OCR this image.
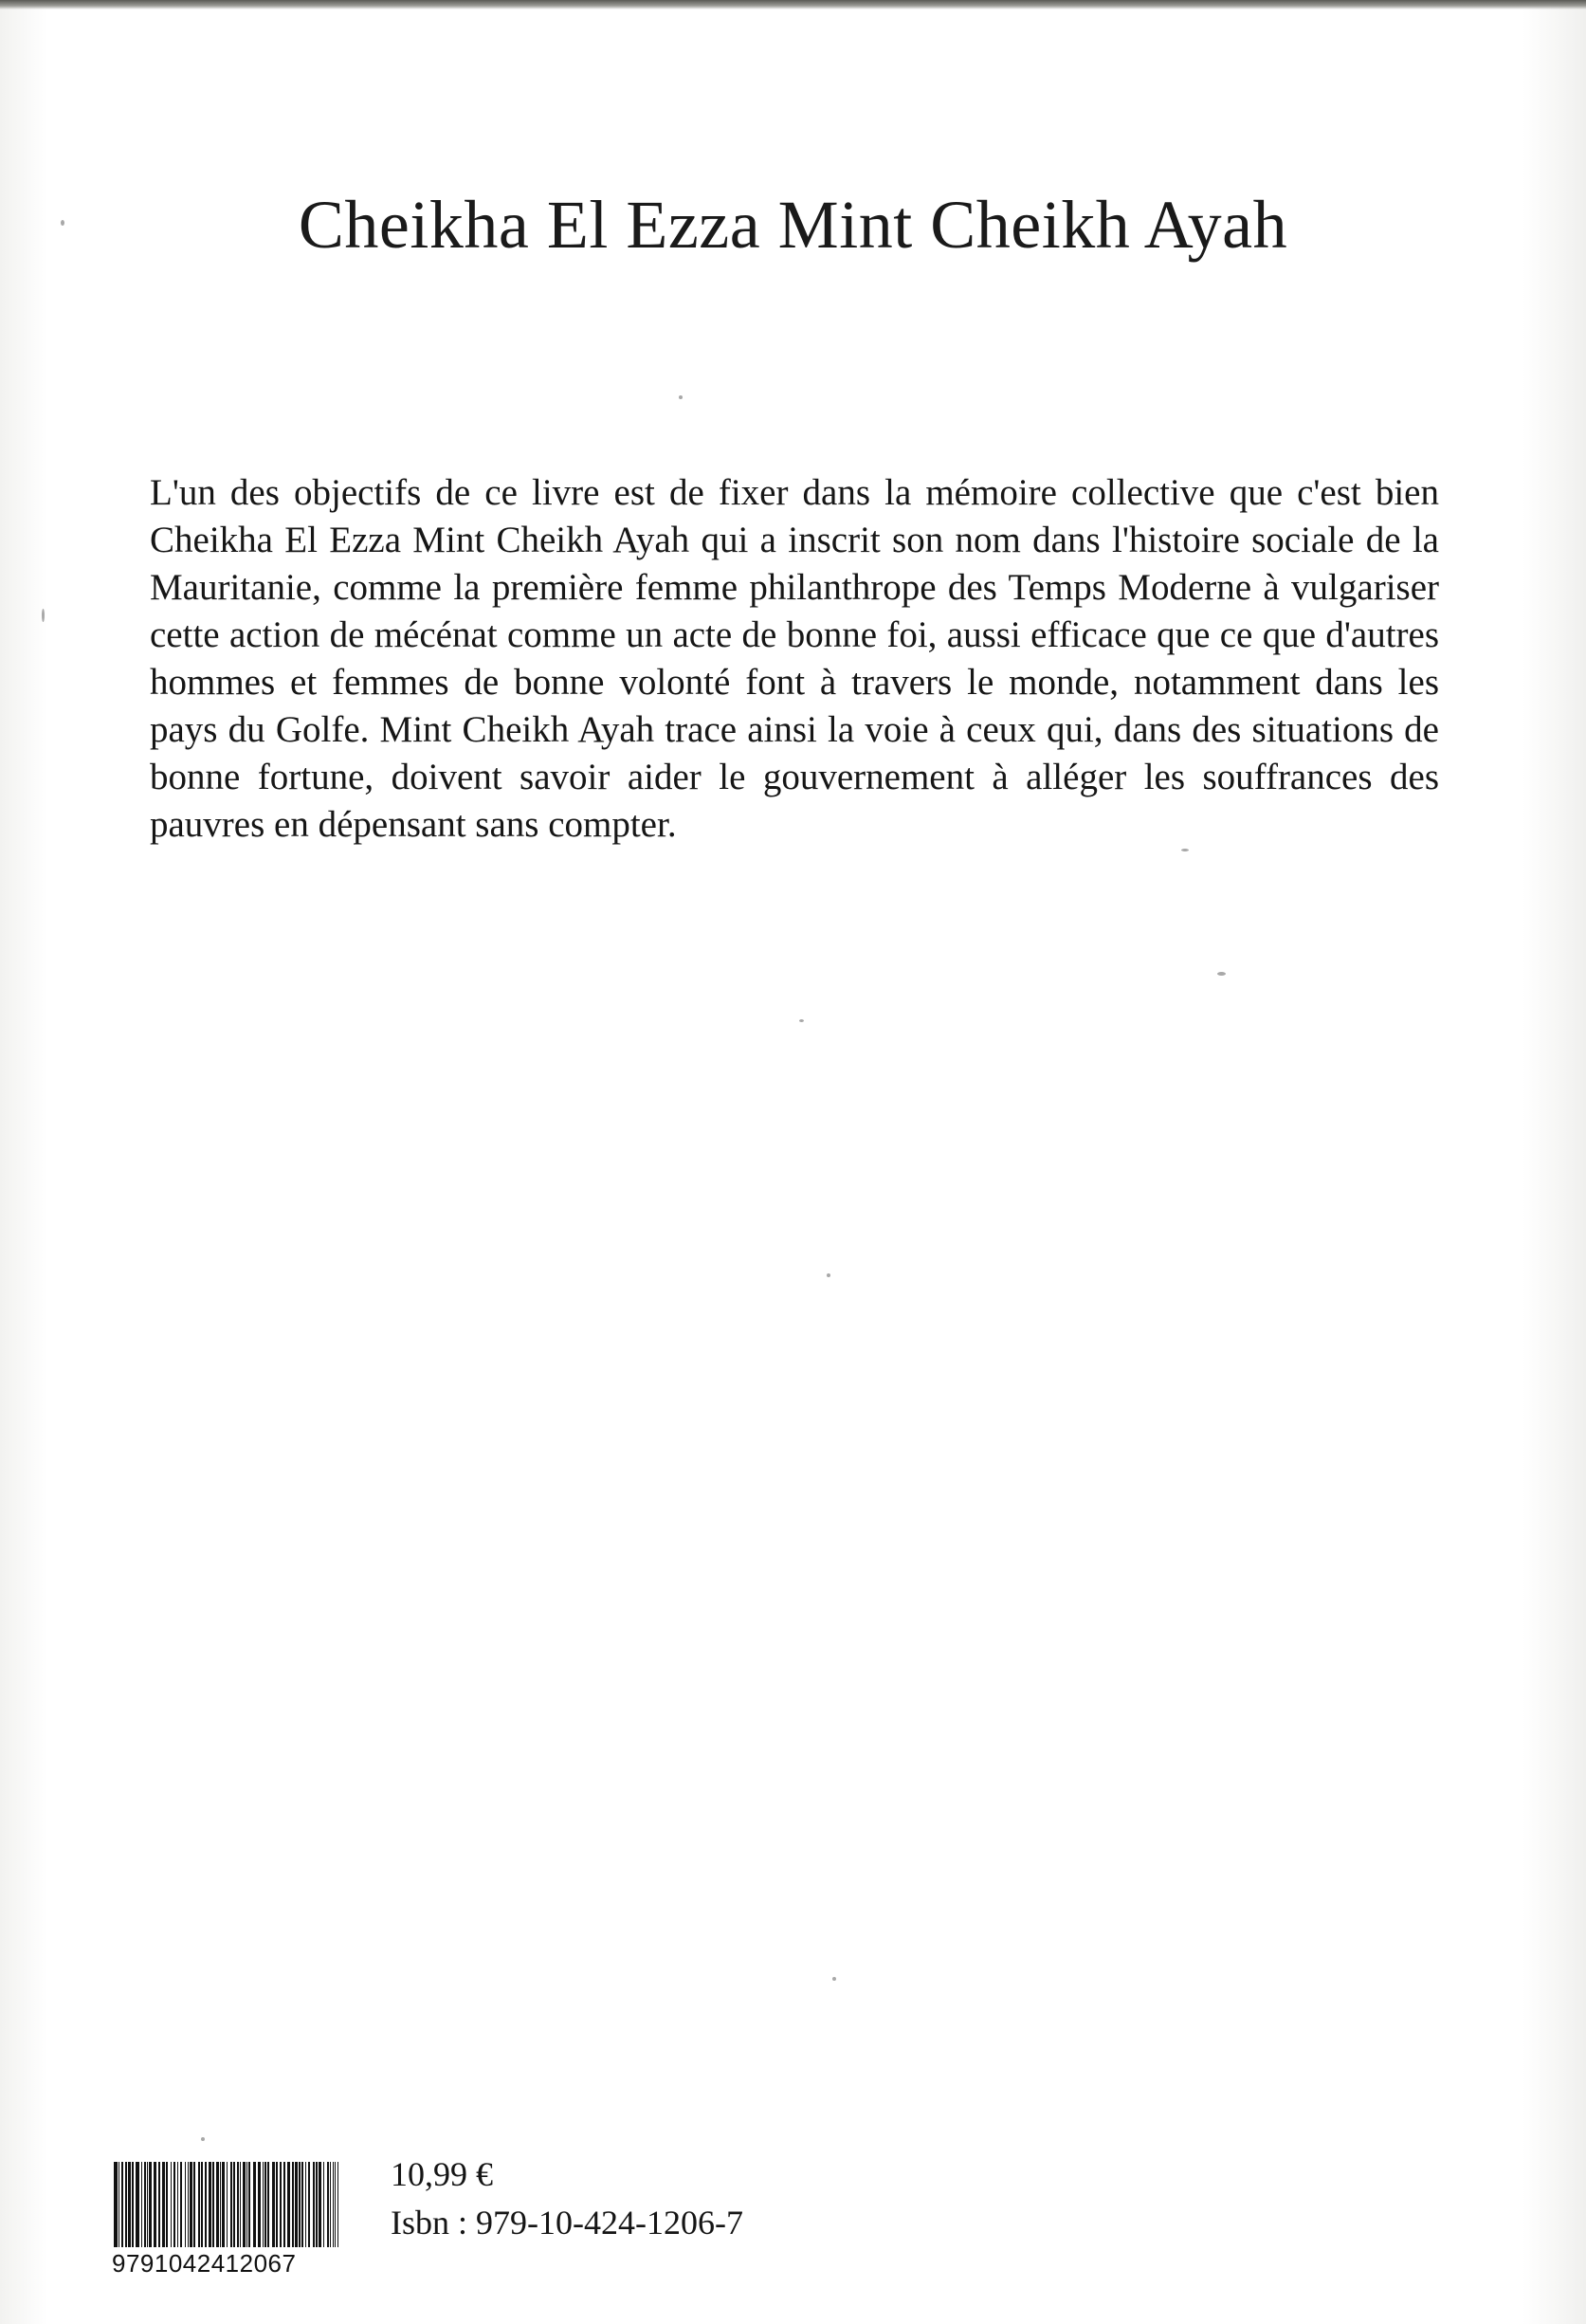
Cheikha El Ezza Mint Cheikh Ayah

L'un des objectifs de ce livre est de fixer dans la mémoire collective que c'est bien Cheikha El Ezza Mint Cheikh Ayah qui a inscrit son nom dans l'histoire sociale de la Mauritanie, comme la première femme philanthrope des Temps Moderne à vulgariser cette action de mécénat comme un acte de bonne foi, aussi efficace que ce que d'autres hommes et femmes de bonne volonté font à travers le monde, notamment dans les pays du Golfe. Mint Cheikh Ayah trace ainsi la voie à ceux qui, dans des situations de bonne fortune, doivent savoir aider le gouvernement à alléger les souffrances des pauvres en dépensant sans compter.

9791042412067
10,99 €
Isbn : 979-10-424-1206-7
